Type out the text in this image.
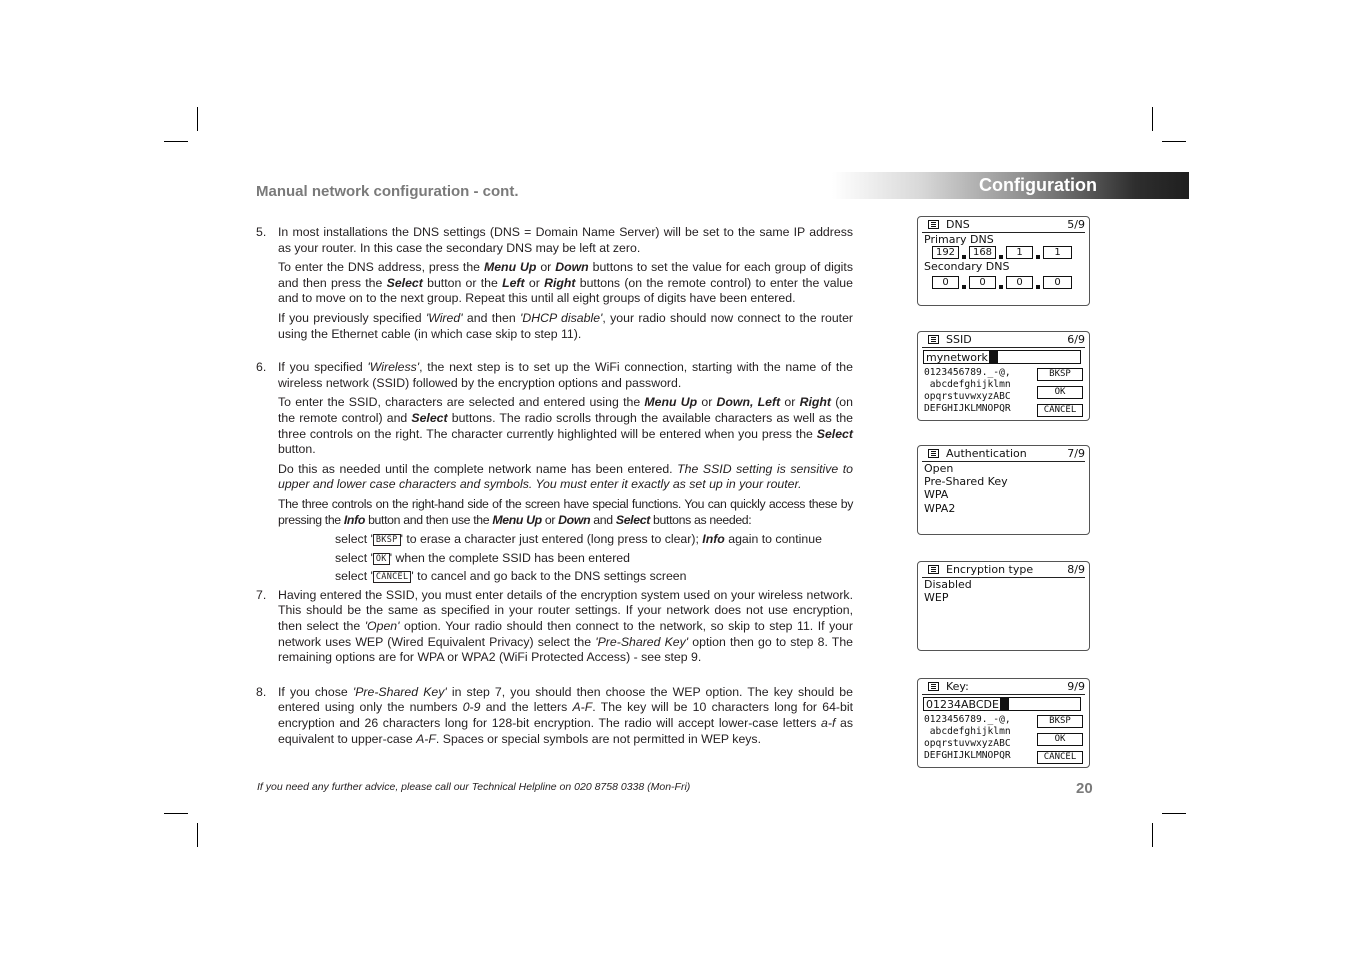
Manual network configuration - cont.	Configuration
5. In most installations the DNS settings (DNS = Domain Name Server) will be set to the same IP address as your router. In this case the secondary DNS may be left at zero.

To enter the DNS address, press the Menu Up or Down buttons to set the value for each group of digits and then press the Select button or the Left or Right buttons (on the remote control) to enter the value and to move on to the next group. Repeat this until all eight groups of digits have been entered.

If you previously specified 'Wired' and then 'DHCP disable', your radio should now connect to the router using the Ethernet cable (in which case skip to step 11).

6. If you specified 'Wireless', the next step is to set up the WiFi connection, starting with the name of the wireless network (SSID) followed by the encryption options and password.

To enter the SSID, characters are selected and entered using the Menu Up or Down, Left or Right (on the remote control) and Select buttons. The radio scrolls through the available characters as well as the three controls on the right. The character currently highlighted will be entered when you press the Select button.

Do this as needed until the complete network name has been entered. The SSID setting is sensitive to upper and lower case characters and symbols. You must enter it exactly as set up in your router.

The three controls on the right-hand side of the screen have special functions. You can quickly access these by pressing the Info button and then use the Menu Up or Down and Select buttons as needed:

select ' BKSP ' to erase a character just entered (long press to clear); Info again to continue
select ' OK ' when the complete SSID has been entered
select ' CANCEL ' to cancel and go back to the DNS settings screen
7. Having entered the SSID, you must enter details of the encryption system used on your wireless network. This should be the same as specified in your router settings. If your network does not use encryption, then select the 'Open' option. Your radio should then connect to the network, so skip to step 11. If your network uses WEP (Wired Equivalent Privacy) select the 'Pre-Shared Key' option then go to step 8. The remaining options are for WPA or WPA2 (WiFi Protected Access) - see step 9.

8. If you chose 'Pre-Shared Key' in step 7, you should then choose the WEP option. The key should be entered using only the numbers 0-9 and the letters A-F. The key will be 10 characters long for 64-bit encryption and 26 characters long for 128-bit encryption. The radio will accept lower-case letters a-f as equivalent to upper-case A-F. Spaces or special symbols are not permitted in WEP keys.

If you need any further advice, please call our Technical Helpline on 020 8758 0338 (Mon-Fri)	20
DNS	5/9
Primary DNS
192	168	1	1
Secondary DNS
0	0	0	0
SSID	6/9
mynetwork
0123456789._-@,
abcdefghijklmn
opqrstuvwxyzABC
DEFGHIJKLMNOPQR
BKSP
OK
CANCEL
Authentication	7/9
Open
Pre-Shared Key
WPA
WPA2
Encryption type	8/9
Disabled
WEP
Key:	9/9
01234ABCDE
0123456789._-@,
abcdefghijklmn
opqrstuvwxyzABC
DEFGHIJKLMNOPQR
BKSP
OK
CANCEL
